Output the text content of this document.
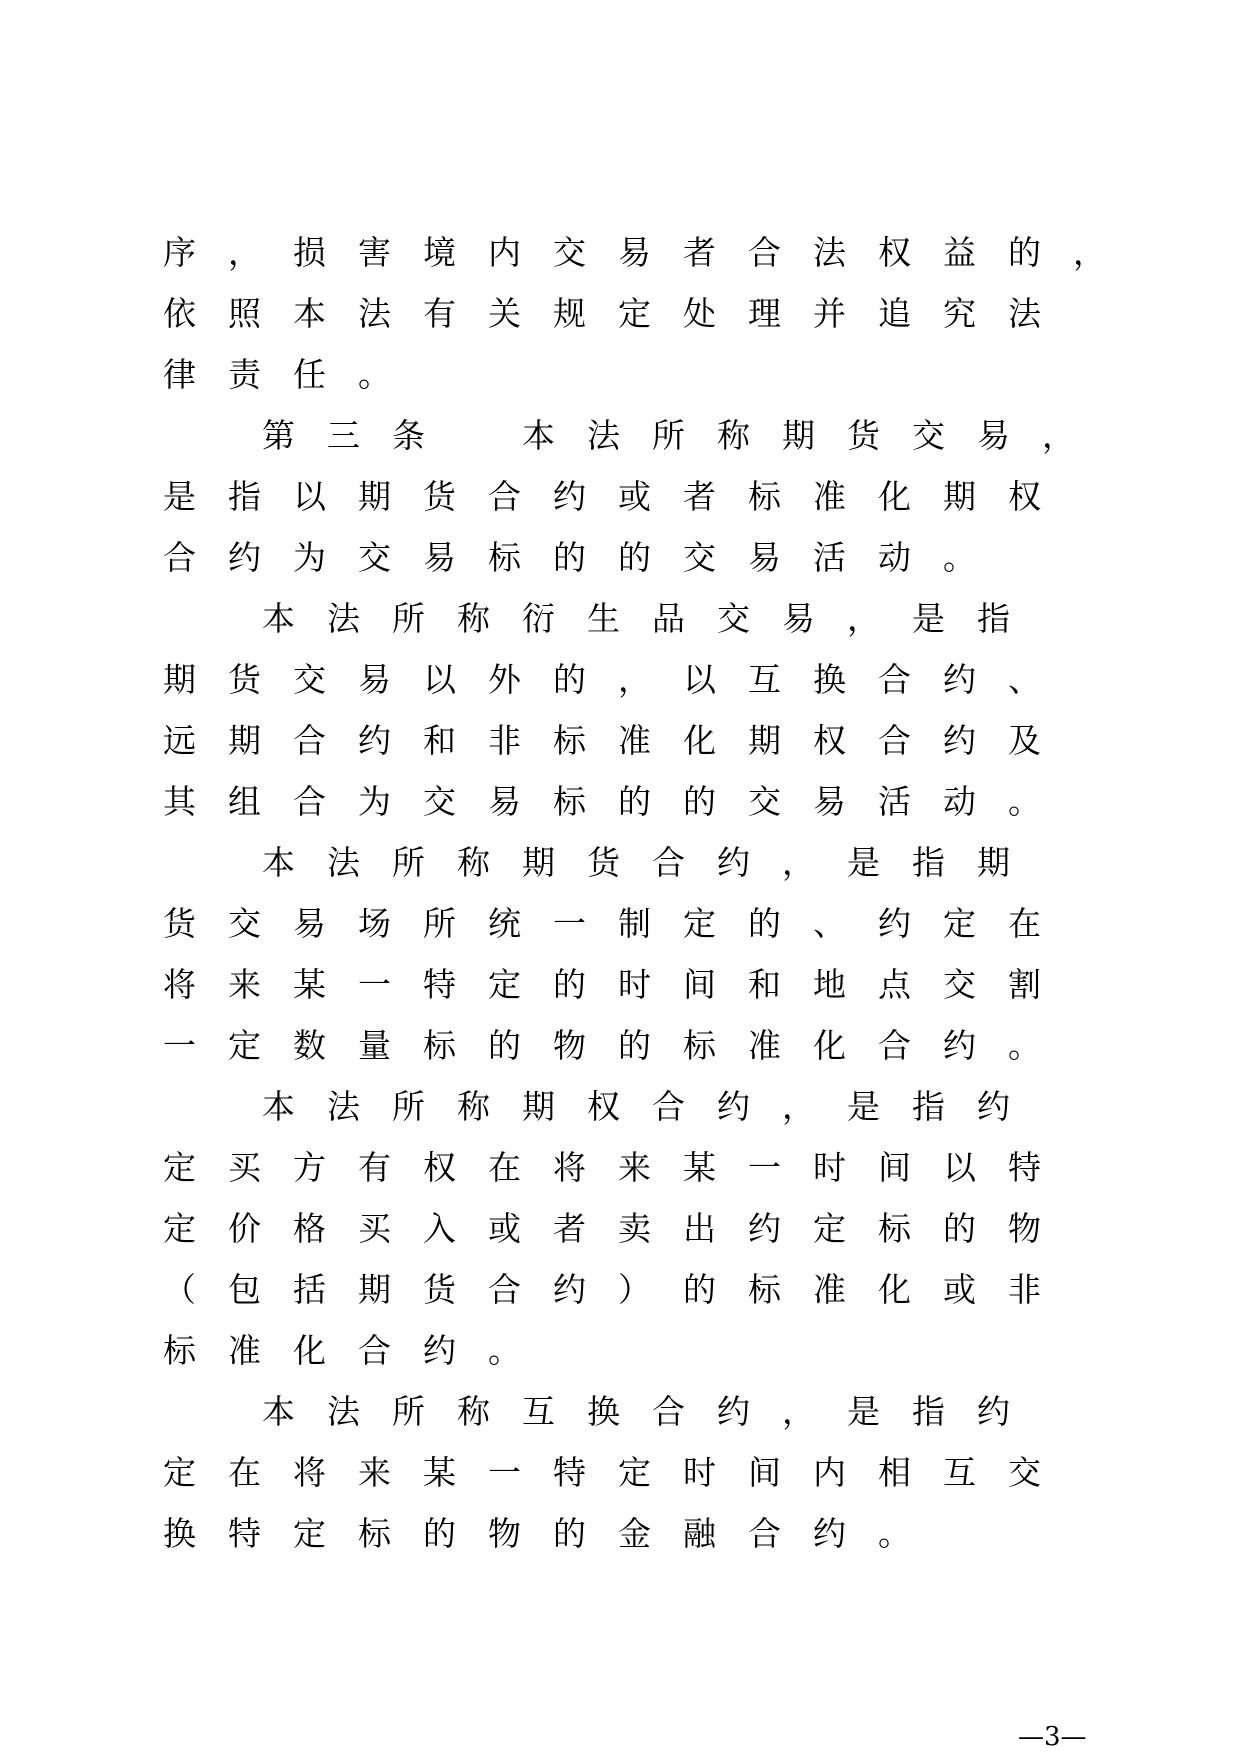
序，损害境内交易者合法权益的，
依照本法有关规定处理并追究法
律责任。
第三条　本法所称期货交易，
是指以期货合约或者标准化期权
合约为交易标的的交易活动。
本法所称衍生品交易，是指
期货交易以外的，以互换合约、
远期合约和非标准化期权合约及
其组合为交易标的的交易活动。
本法所称期货合约，是指期
货交易场所统一制定的、约定在
将来某一特定的时间和地点交割
一定数量标的物的标准化合约。
本法所称期权合约，是指约
定买方有权在将来某一时间以特
定价格买入或者卖出约定标的物
（包括期货合约）的标准化或非
标准化合约。
本法所称互换合约，是指约
定在将来某一特定时间内相互交
换特定标的物的金融合约。
—3—
